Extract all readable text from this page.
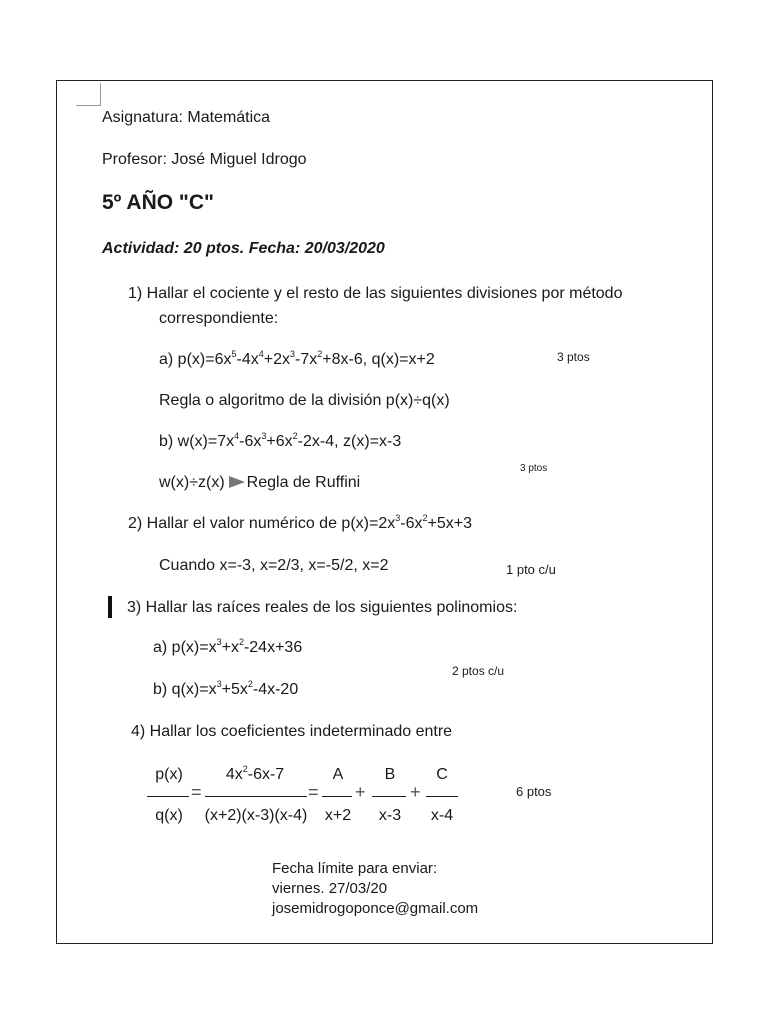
Asignatura: Matemática
Profesor: José Miguel Idrogo
5º AÑO "C"
Actividad: 20 ptos. Fecha: 20/03/2020
1) Hallar el cociente y el resto de las siguientes divisiones por método
correspondiente:
a) $p(x)=6x^5-4x^4+2x^3-7x^2+8x-6$, q(x)=x+2	3 ptos
Regla o algoritmo de la división p(x)÷q(x)
b) $w(x)=7x^4-6x^3+6x^2-2x-4$, z(x)=x-3
3 ptos
w(x)÷z(x) Regla de Ruffini
2) Hallar el valor numérico de $p(x)=2x^3-6x^2+5x+3$
Cuando x=-3, x=2/3, x=-5/2, x=2	1 pto c/u
3) Hallar las raíces reales de los siguientes polinomios:
a) $p(x)=x^3+x^2-24x+36$
2 ptos c/u
b) $q(x)=x^3+5x^2-4x-20$
4) Hallar los coeficientes indeterminado entre
p(x)
q(x)
=
$4x^2-6x-7$
(x+2)(x-3)(x-4)
=
A
x+2
+
B
x-3
+
C
x-4
6 ptos
Fecha límite para enviar:
viernes. 27/03/20
josemidrogoponce@gmail.com
